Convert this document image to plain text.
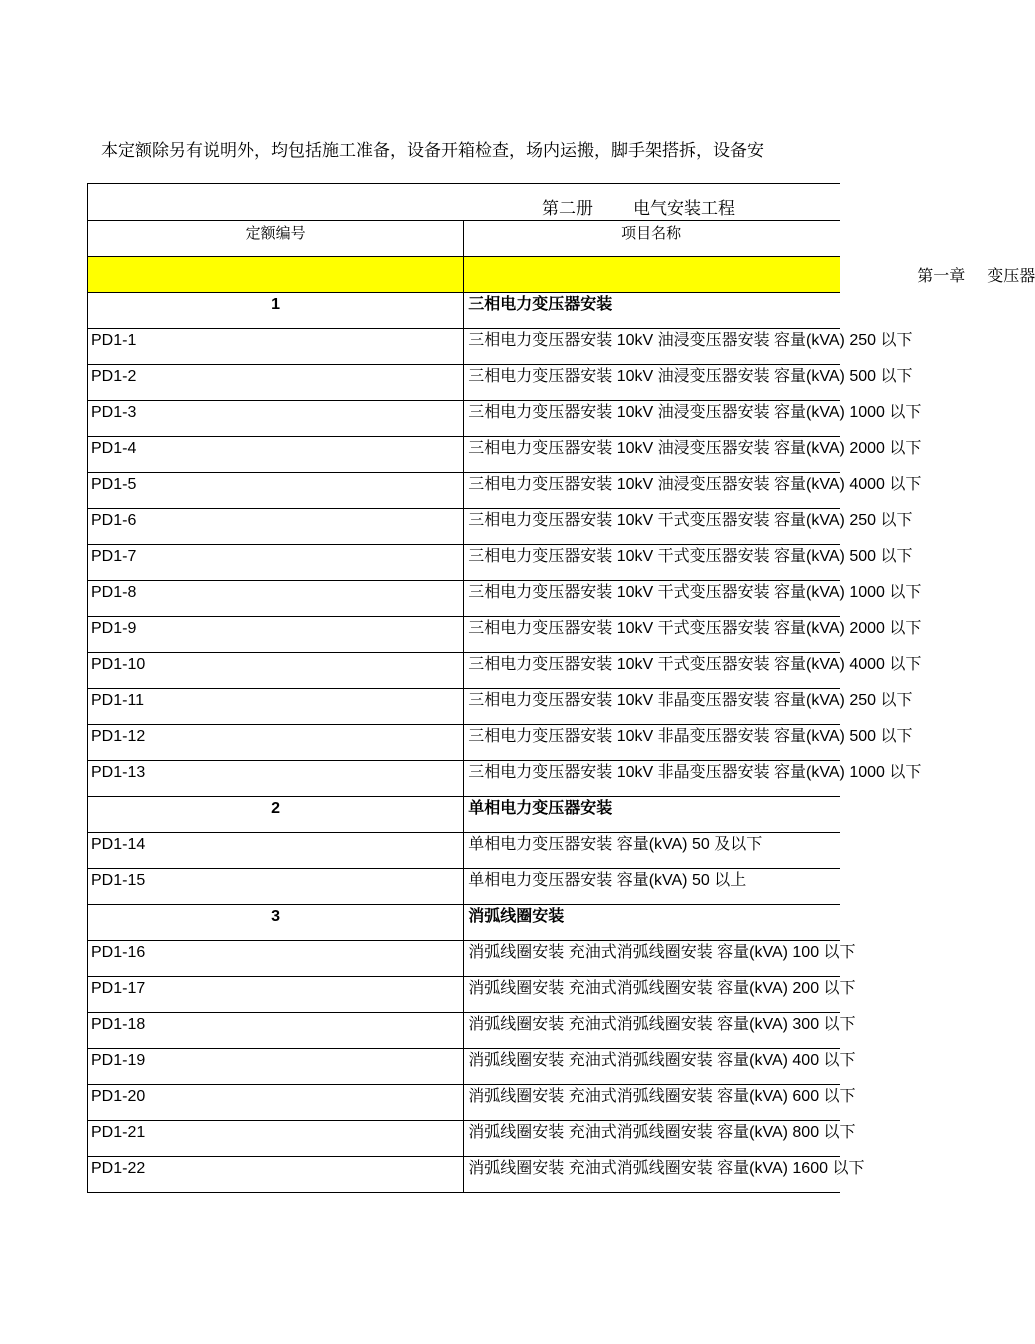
本定额除另有说明外，均包括施工准备，设备开箱检查，场内运搬，脚手架搭拆，设备安
第二册 电气安装工程	

定额编号	项目名称

	第一章 变压器

1	三相电力变压器安装
PD1-1	三相电力变压器安装 10kV 油浸变压器安装 容量(kVA) 250 以下
PD1-2	三相电力变压器安装 10kV 油浸变压器安装 容量(kVA) 500 以下
PD1-3	三相电力变压器安装 10kV 油浸变压器安装 容量(kVA) 1000 以下
PD1-4	三相电力变压器安装 10kV 油浸变压器安装 容量(kVA) 2000 以下
PD1-5	三相电力变压器安装 10kV 油浸变压器安装 容量(kVA) 4000 以下
PD1-6	三相电力变压器安装 10kV 干式变压器安装 容量(kVA) 250 以下
PD1-7	三相电力变压器安装 10kV 干式变压器安装 容量(kVA) 500 以下
PD1-8	三相电力变压器安装 10kV 干式变压器安装 容量(kVA) 1000 以下
PD1-9	三相电力变压器安装 10kV 干式变压器安装 容量(kVA) 2000 以下
PD1-10	三相电力变压器安装 10kV 干式变压器安装 容量(kVA) 4000 以下
PD1-11	三相电力变压器安装 10kV 非晶变压器安装 容量(kVA) 250 以下
PD1-12	三相电力变压器安装 10kV 非晶变压器安装 容量(kVA) 500 以下
PD1-13	三相电力变压器安装 10kV 非晶变压器安装 容量(kVA) 1000 以下
2	单相电力变压器安装
PD1-14	单相电力变压器安装 容量(kVA) 50 及以下
PD1-15	单相电力变压器安装 容量(kVA) 50 以上
3	消弧线圈安装
PD1-16	消弧线圈安装 充油式消弧线圈安装 容量(kVA) 100 以下
PD1-17	消弧线圈安装 充油式消弧线圈安装 容量(kVA) 200 以下
PD1-18	消弧线圈安装 充油式消弧线圈安装 容量(kVA) 300 以下
PD1-19	消弧线圈安装 充油式消弧线圈安装 容量(kVA) 400 以下
PD1-20	消弧线圈安装 充油式消弧线圈安装 容量(kVA) 600 以下
PD1-21	消弧线圈安装 充油式消弧线圈安装 容量(kVA) 800 以下
PD1-22	消弧线圈安装 充油式消弧线圈安装 容量(kVA) 1600 以下
